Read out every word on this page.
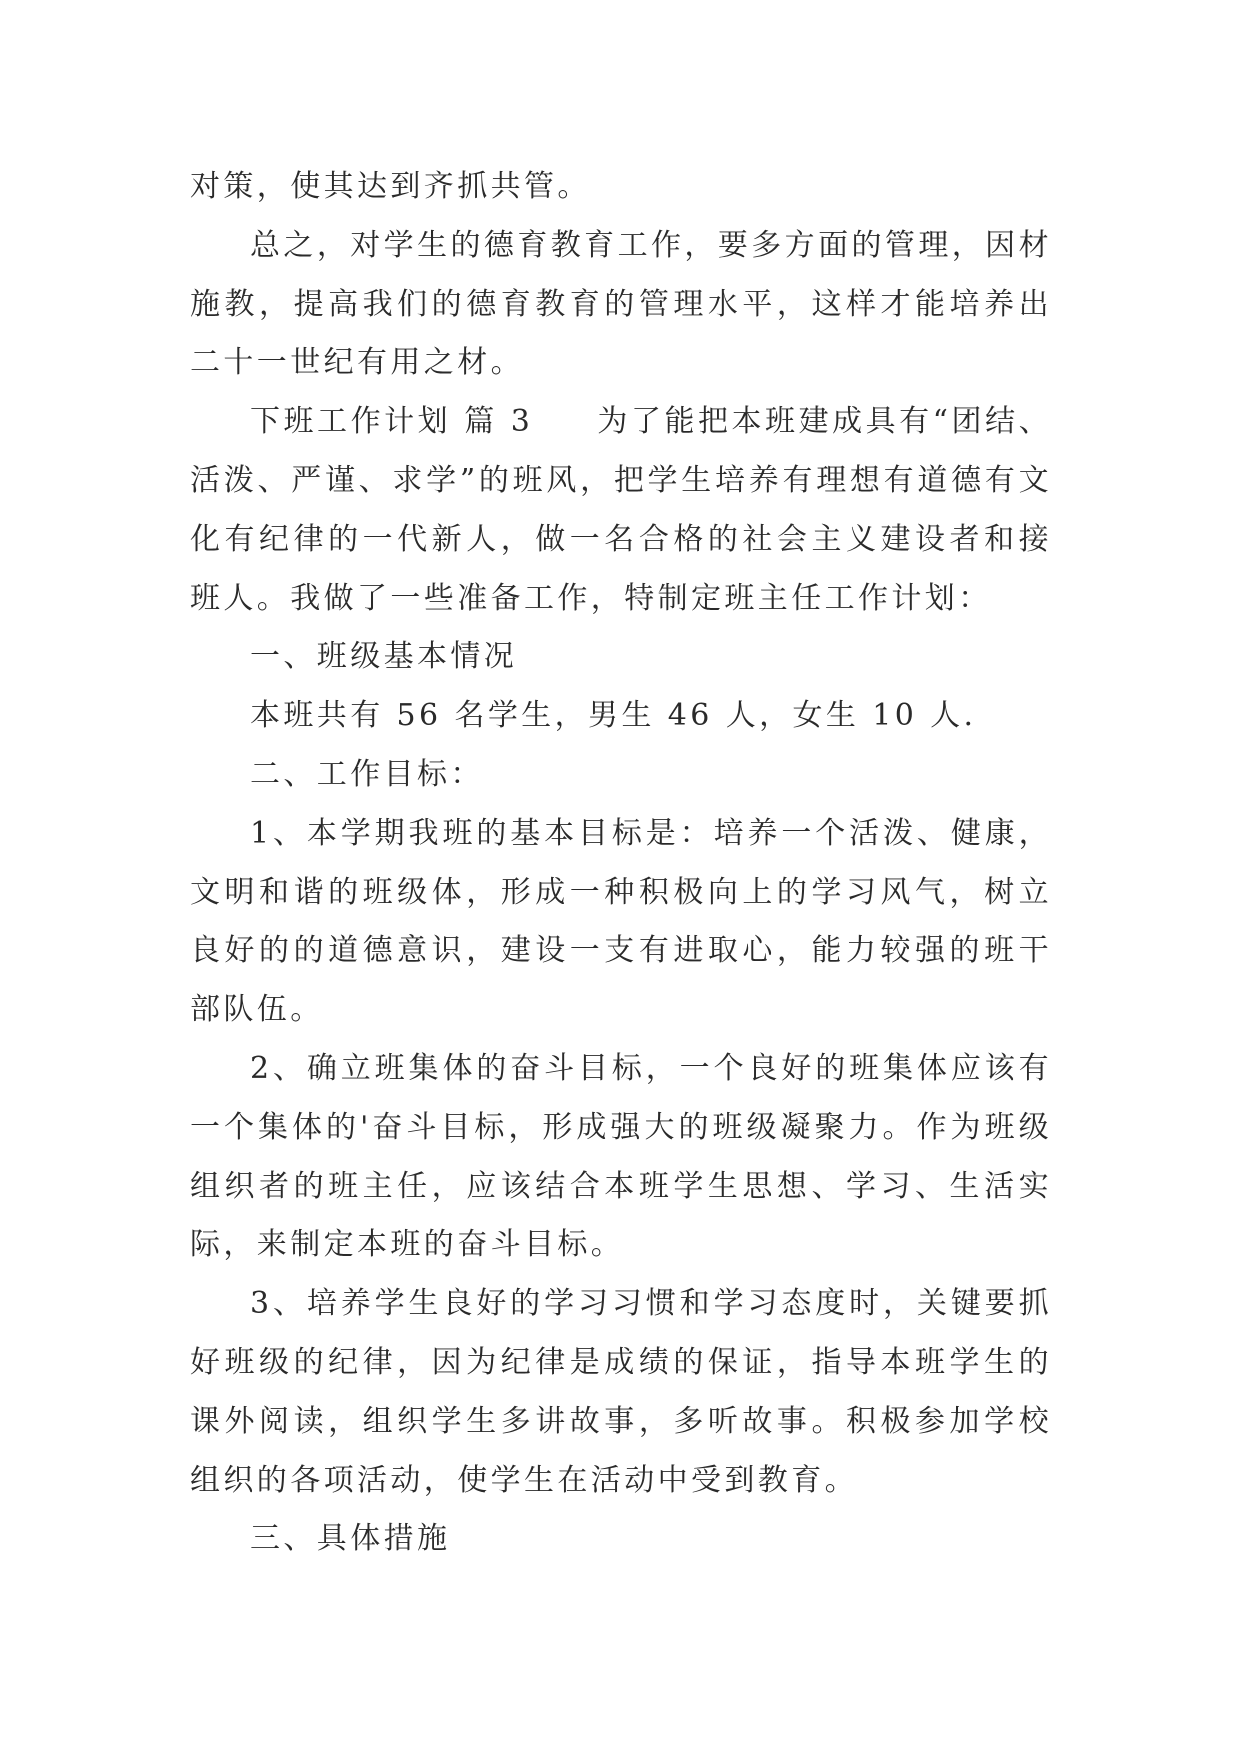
对策，使其达到齐抓共管。

总之，对学生的德育教育工作，要多方面的管理，因材施教，提高我们的德育教育的管理水平，这样才能培养出二十一世纪有用之材。

下班工作计划 篇 3 为了能把本班建成具有“团结、活泼、严谨、求学”的班风，把学生培养有理想有道德有文化有纪律的一代新人，做一名合格的社会主义建设者和接班人。我做了一些准备工作，特制定班主任工作计划：

一、班级基本情况

本班共有 56 名学生，男生 46 人，女生 10 人.

二、工作目标：

1、本学期我班的基本目标是：培养一个活泼、健康，文明和谐的班级体，形成一种积极向上的学习风气，树立良好的的道德意识，建设一支有进取心，能力较强的班干部队伍。

2、确立班集体的奋斗目标，一个良好的班集体应该有一个集体的'奋斗目标，形成强大的班级凝聚力。作为班级组织者的班主任，应该结合本班学生思想、学习、生活实际，来制定本班的奋斗目标。

3、培养学生良好的学习习惯和学习态度时，关键要抓好班级的纪律，因为纪律是成绩的保证，指导本班学生的课外阅读，组织学生多讲故事，多听故事。积极参加学校组织的各项活动，使学生在活动中受到教育。

三、具体措施
